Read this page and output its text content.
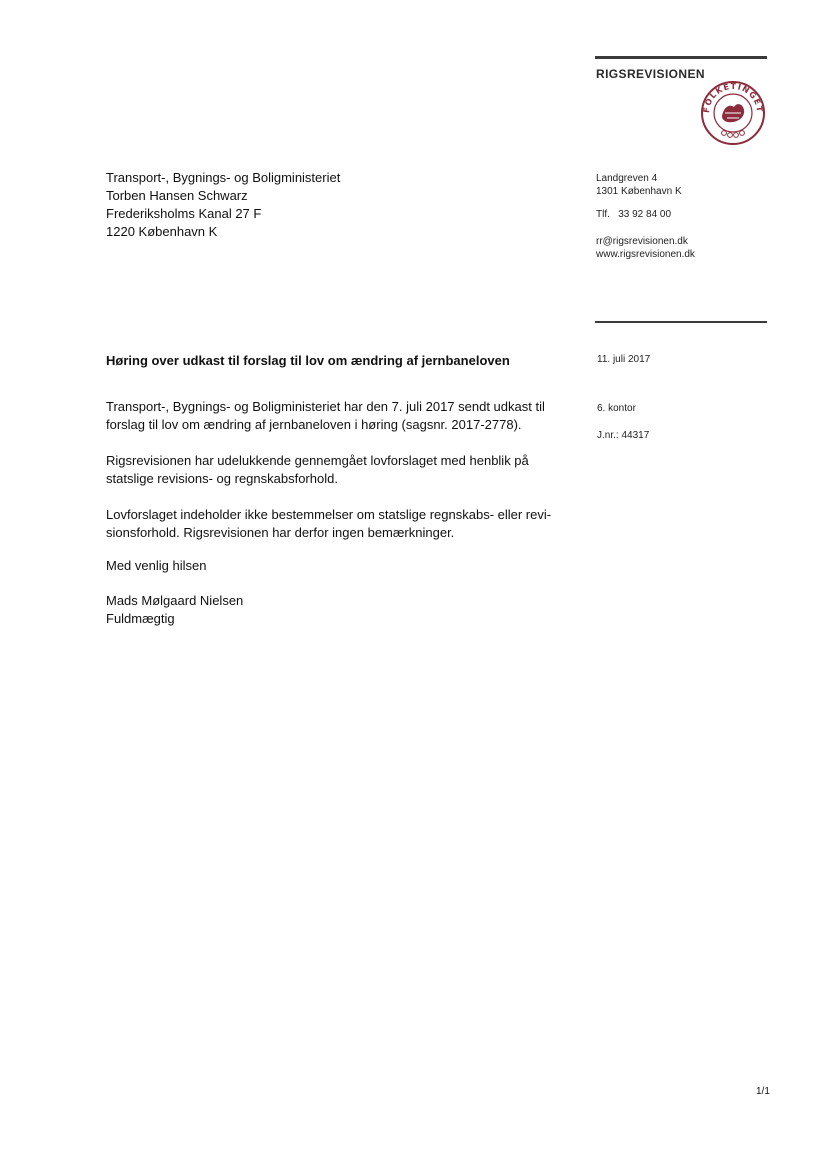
RIGSREVISIONEN
FOLKETINGET
Landgreven 4
1301 København K
Tlf.   33 92 84 00
rr@rigsrevisionen.dk
www.rigsrevisionen.dk
Transport-, Bygnings- og Boligministeriet
Torben Hansen Schwarz
Frederiksholms Kanal 27 F
1220 København K
Høring over udkast til forslag til lov om ændring af jernbaneloven	11. juli 2017
6. kontor
J.nr.: 44317

Transport-, Bygnings- og Boligministeriet har den 7. juli 2017 sendt udkast til
forslag til lov om ændring af jernbaneloven i høring (sagsnr. 2017-2778).

Rigsrevisionen har udelukkende gennemgået lovforslaget med henblik på
statslige revisions- og regnskabsforhold.

Lovforslaget indeholder ikke bestemmelser om statslige regnskabs- eller revi-
sionsforhold. Rigsrevisionen har derfor ingen bemærkninger.

Med venlig hilsen
Mads Mølgaard Nielsen
Fuldmægtig
1/1
